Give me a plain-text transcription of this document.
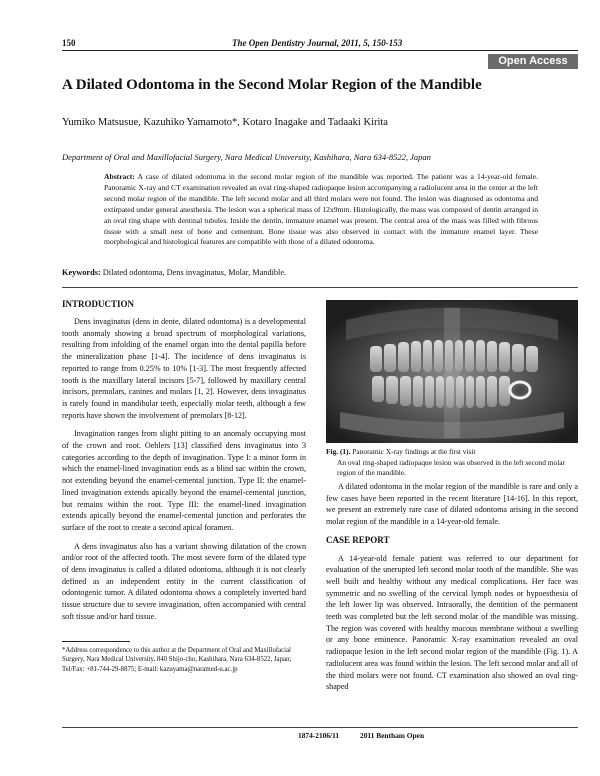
150	The Open Dentistry Journal, 2011, 5, 150-153
Open Access
A Dilated Odontoma in the Second Molar Region of the Mandible
Yumiko Matsusue, Kazuhiko Yamamoto*, Kotaro Inagake and Tadaaki Kirita
Department of Oral and Maxillofacial Surgery, Nara Medical University, Kashihara, Nara 634-8522, Japan
Abstract: A case of dilated odontoma in the second molar region of the mandible was reported. The patient was a 14-year-old female. Panoramic X-ray and CT examination revealed an oval ring-shaped radiopaque lesion accompanying a radiolucent area in the center at the left second molar region of the mandible. The left second molar and all third molars were not found. The lesion was diagnosed as odontoma and extirpated under general anesthesia. The lesion was a spherical mass of 12x9mm. Histologically, the mass was composed of dentin arranged in an oval ring shape with dentinal tubules. Inside the dentin, immature enamel was present. The central area of the mass was filled with fibrous tissue with a small nest of bone and cementum. Bone tissue was also observed in contact with the immature enamel layer. These morphological and histological features are compatible with those of a dilated odontoma.
Keywords: Dilated odontoma, Dens invaginatus, Molar, Mandible.
INTRODUCTION

Dens invaginatus (dens in dente, dilated odontoma) is a developmental tooth anomaly showing a broad spectrum of morphological variations, resulting from infolding of the enamel organ into the dental papilla before the mineralization phase [1-4]. The incidence of dens invaginatus is reported to range from 0.25% to 10% [1-3]. The most frequently affected tooth is the maxillary lateral incisors [5-7], followed by maxillary central incisors, premolars, canines and molars [1, 2]. However, dens invaginatus is rarely found in mandibular teeth, especially molar teeth, although a few reports have shown the involvement of premolars [8-12].

Invagination ranges from slight pitting to an anomaly occupying most of the crown and root. Oehlers [13] classified dens invaginatus into 3 categories according to the depth of invagination. Type I: a minor form in which the enamel-lined invagination ends as a blind sac within the crown, not extending beyond the enamel-cemental junction. Type II: the enamel-lined invagination extends apically beyond the enamel-cemental junction, but remains within the root. Type III: the enamel-lined invagination extends apically beyond the enamel-cemental junction and perforates the surface of the root to create a second apical foramen.

A dens invaginatus also has a variant showing dilatation of the crown and/or root of the affected tooth. The most severe form of the dilated type of dens invaginatus is called a dilated odontoma, although it is not clearly defined as an independent entity in the current classification of odontogenic tumor. A dilated odontoma shows a completely inverted hard tissue structure due to severe invagination, often accompanied with central soft tissue and/or hard tissue.

Fig. (1). Panoramic X-ray findings at the first visit
An oval ring-shaped radiopaque lesion was observed in the left second molar region of the mandible.

A dilated odontoma in the molar region of the mandible is rare and only a few cases have been reported in the recent literature [14-16]. In this report, we present an extremely rare case of dilated odontoma arising in the second molar region of the mandible in a 14-year-old female.

CASE REPORT

A 14-year-old female patient was referred to our department for evaluation of the unerupted left second molar tooth of the mandible. She was well built and healthy without any medical complications. Her face was symmetric and no swelling of the cervical lymph nodes or hypoesthesia of the left lower lip was observed. Intraorally, the dentition of the permanent teeth was completed but the left second molar of the mandible was missing. The region was covered with healthy mucous membrane without a swelling or any bone eminence. Panoramic X-ray examination revealed an oval radiopaque lesion in the left second molar region of the mandible (Fig. 1). A radiolucent area was found within the lesion. The left second molar and all of the third molars were not found. CT examination also showed an oval ring-shaped

*Address correspondence to this author at the Department of Oral and Maxillofacial Surgery, Nara Medical University, 840 Shijo-cho, Kashihara, Nara 634-8522, Japan; Tel/Fax: +81-744-29-8875; E-mail: kazuyama@naramed-u.ac.jp
1874-2106/11	2011 Bentham Open
